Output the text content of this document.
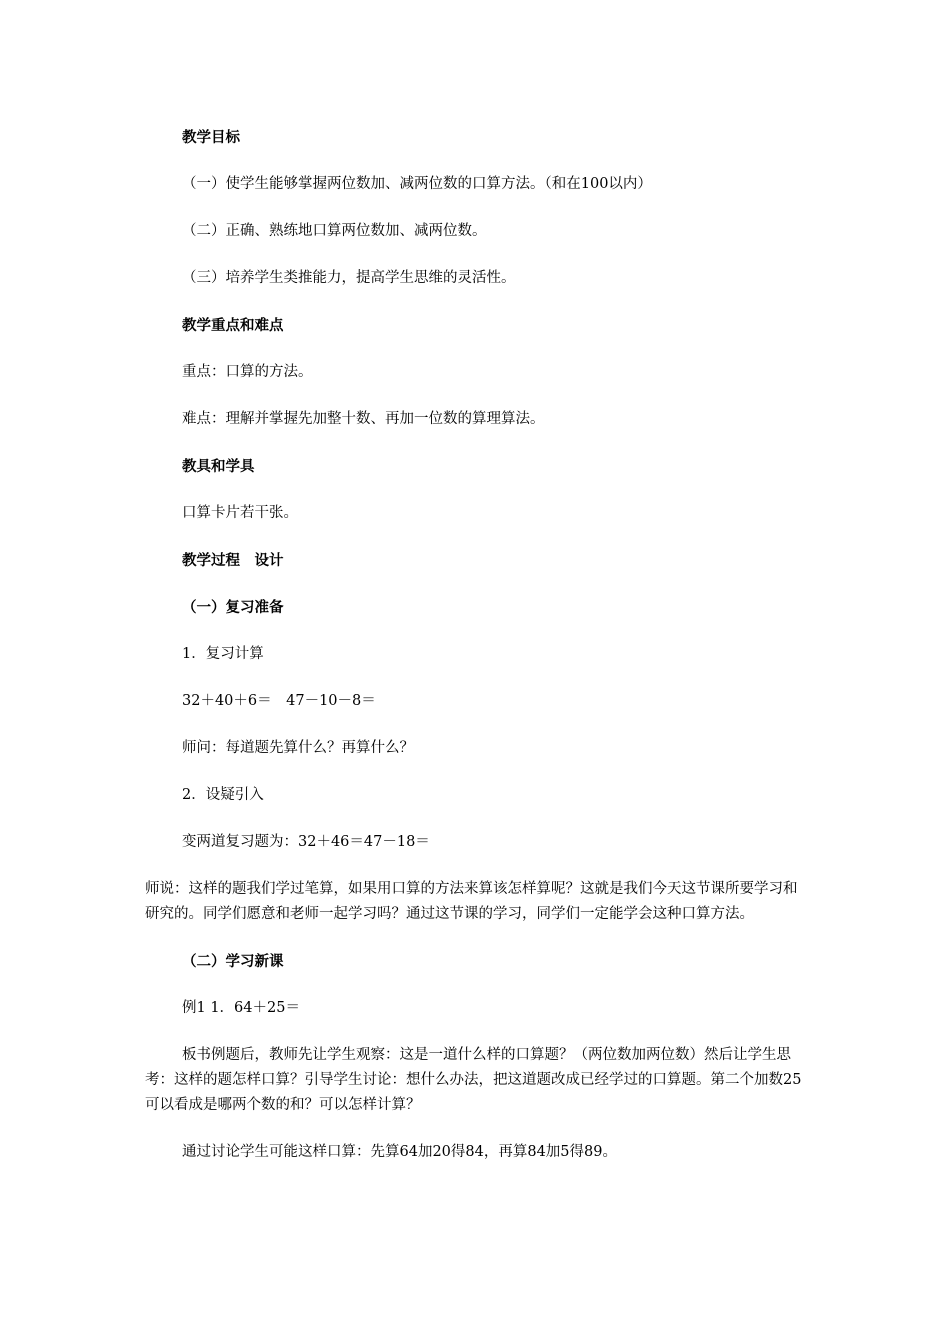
教学目标

（一）使学生能够掌握两位数加、减两位数的口算方法。（和在100以内）

（二）正确、熟练地口算两位数加、减两位数。

（三）培养学生类推能力，提高学生思维的灵活性。

教学重点和难点

重点：口算的方法。

难点：理解并掌握先加整十数、再加一位数的算理算法。

教具和学具

口算卡片若干张。

教学过程　设计

（一）复习准备

1．复习计算

32＋40＋6＝　47－10－8＝

师问：每道题先算什么？再算什么？

2．设疑引入

变两道复习题为：32＋46＝47－18＝

师说：这样的题我们学过笔算，如果用口算的方法来算该怎样算呢？这就是我们今天这节课所要学习和研究的。同学们愿意和老师一起学习吗？通过这节课的学习，同学们一定能学会这种口算方法。

（二）学习新课

例1 1．64＋25＝

板书例题后，教师先让学生观察：这是一道什么样的口算题？（两位数加两位数）然后让学生思考：这样的题怎样口算？引导学生讨论：想什么办法，把这道题改成已经学过的口算题。第二个加数25可以看成是哪两个数的和？可以怎样计算？

通过讨论学生可能这样口算：先算64加20得84，再算84加5得89。
